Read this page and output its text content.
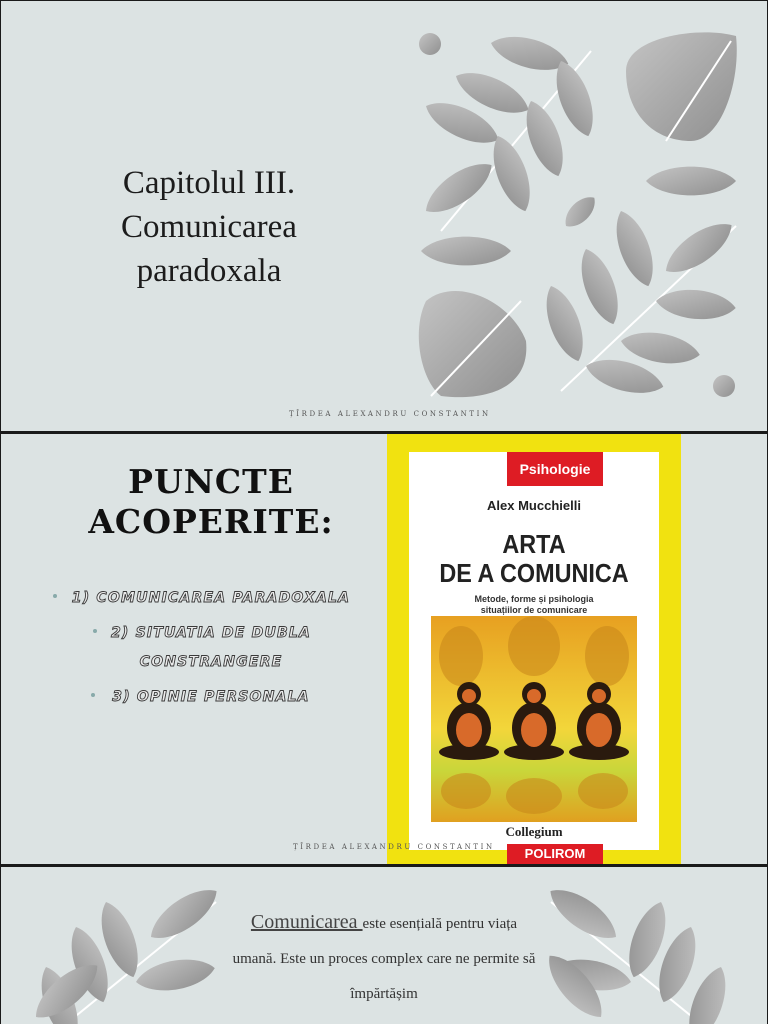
Capitolul III.
Comunicarea
paradoxala
ȚÎRDEA ALEXANDRU CONSTANTIN
PUNCTE
ACOPERITE:
1) COMUNICAREA PARADOXALA
2) SITUATIA DE DUBLA CONSTRANGERE
3) OPINIE PERSONALA
Psihologie
Alex Mucchielli
ARTA
DE A COMUNICA
Metode, forme și psihologia
situațiilor de comunicare
Collegium
POLIROM
ȚÎRDEA ALEXANDRU CONSTANTIN
Comunicarea este esențială pentru viața umană. Este un proces complex care ne permite să împărtășim
